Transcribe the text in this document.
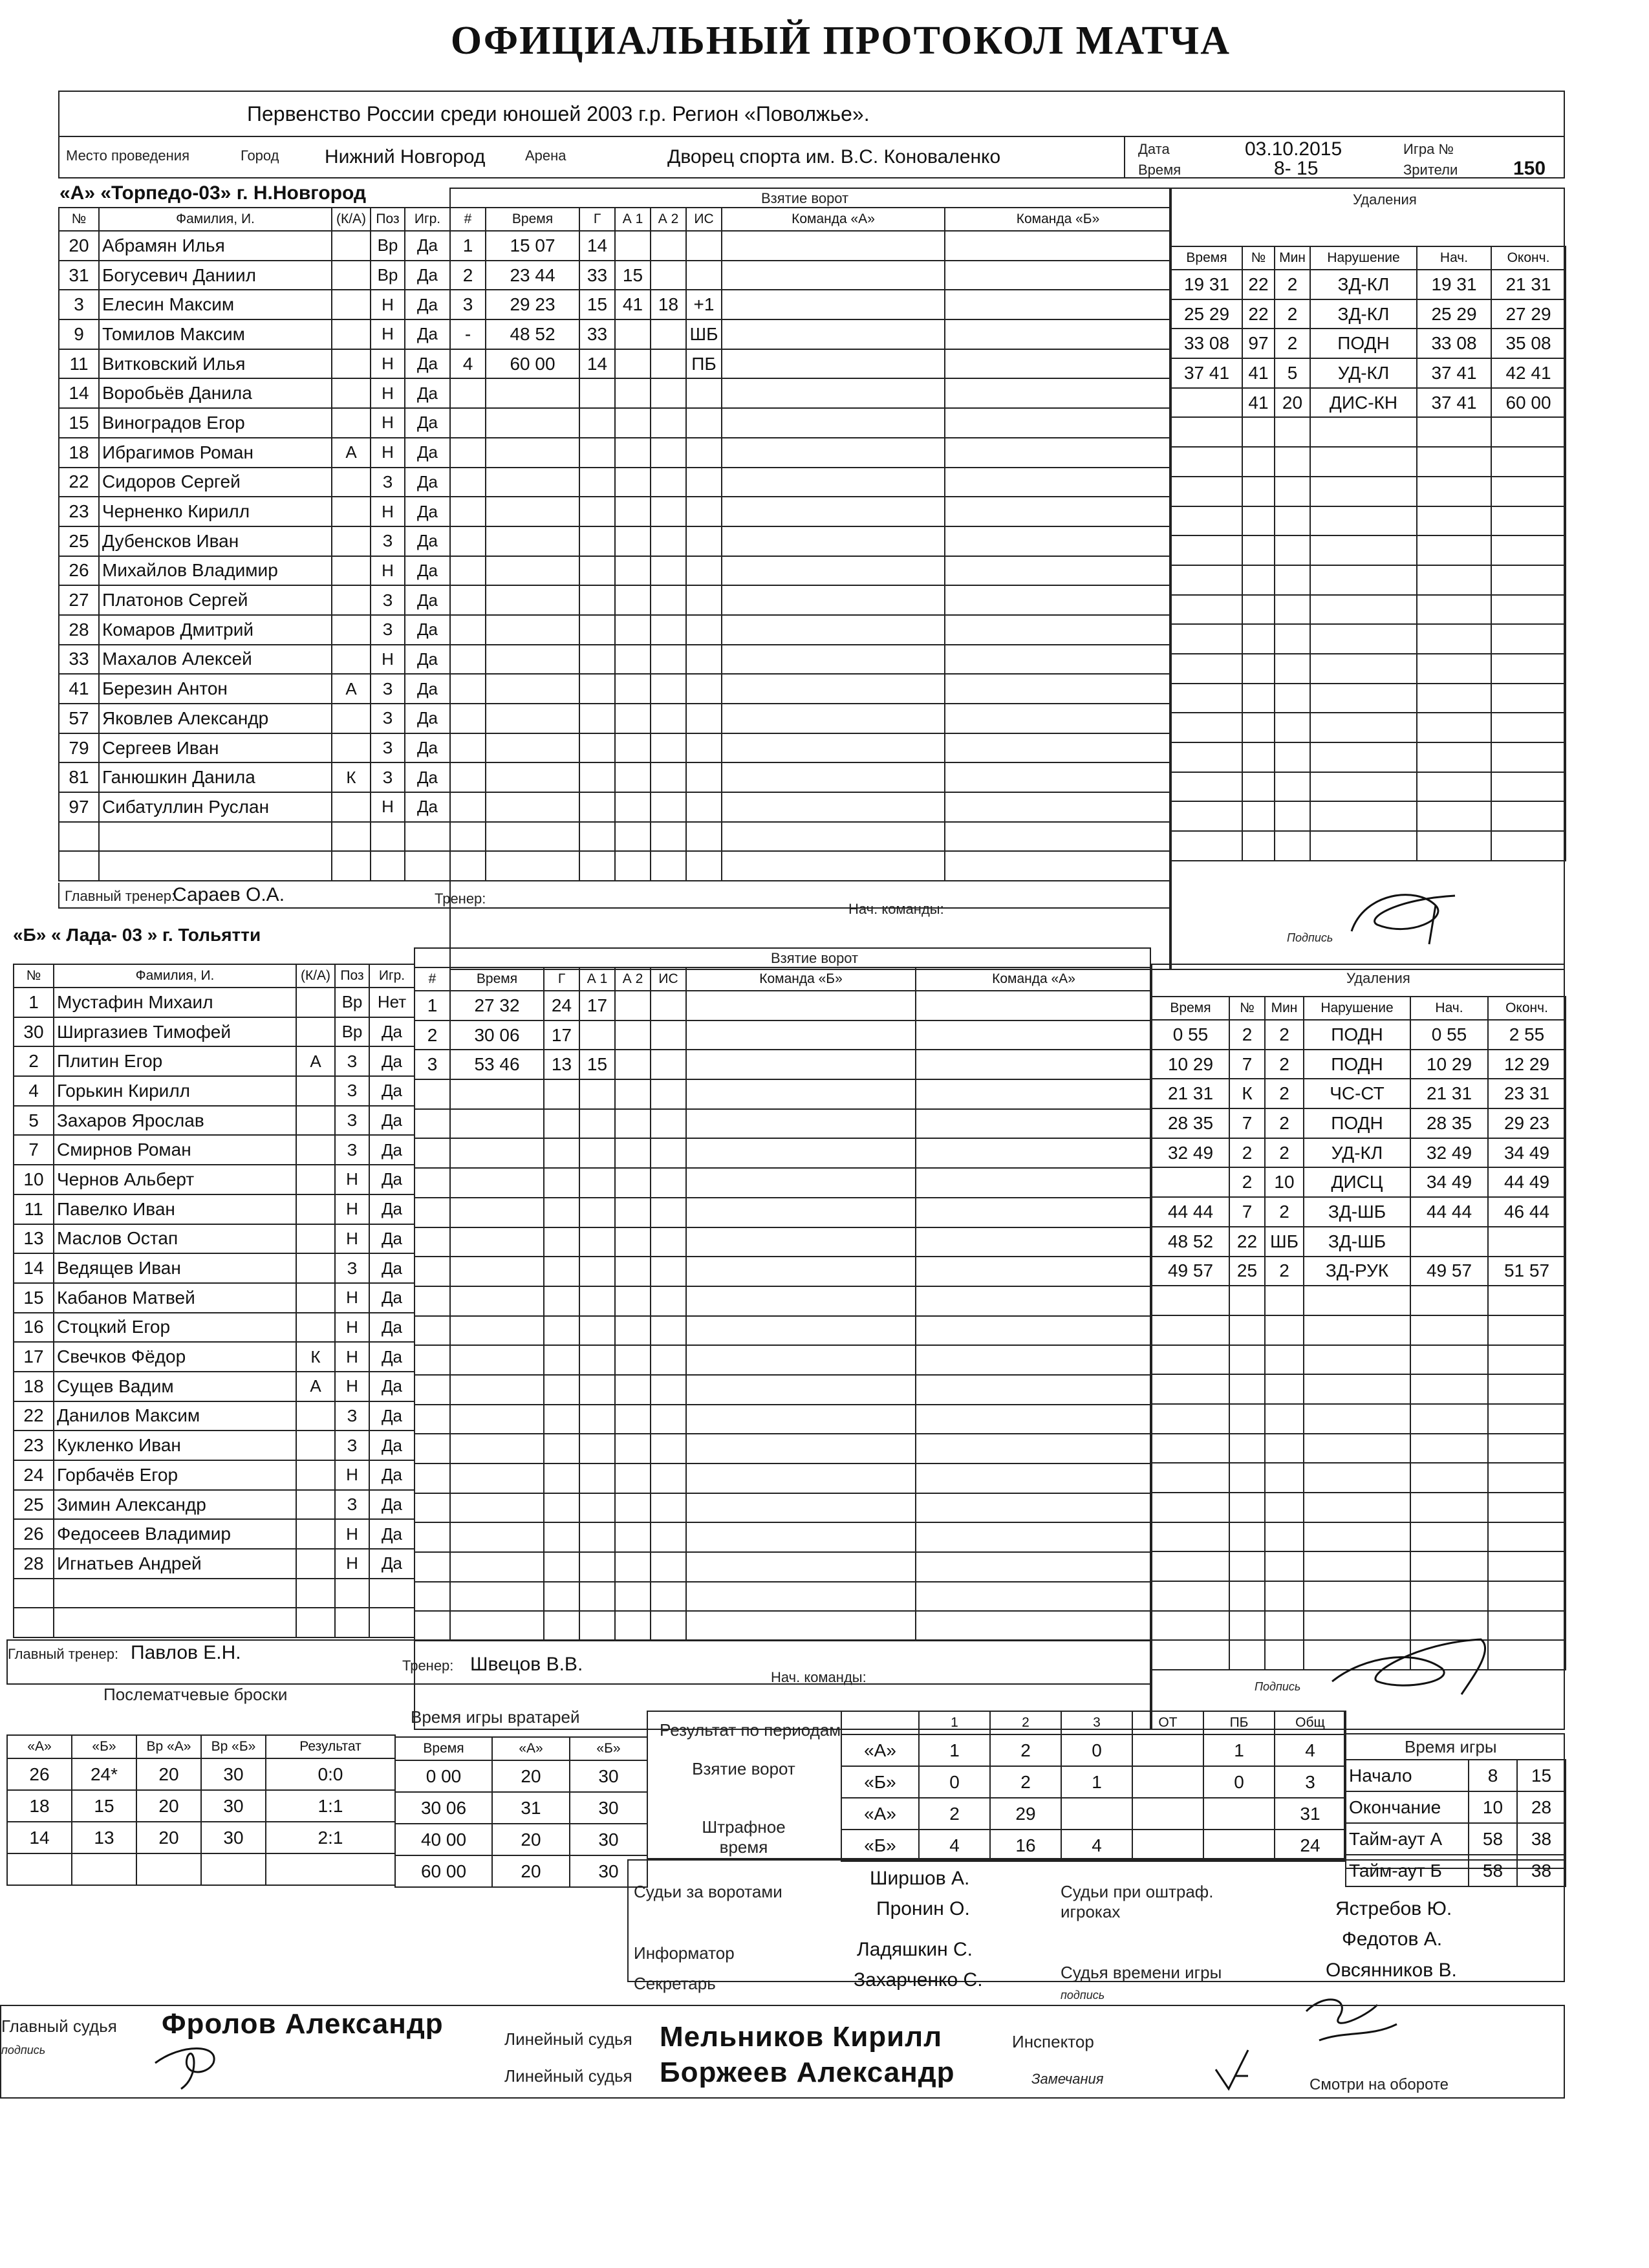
ОФИЦИАЛЬНЫЙ ПРОТОКОЛ МАТЧА
Первенство России среди юношей 2003 г.р. Регион «Поволжье».
Место проведения	Город Нижний Новгород	Арена	Дворец спорта им. В.С. Коноваленко	Дата	03.10.2015	Игра №
Время	8- 15	Зрители	150
«А» «Торпедо-03» г. Н.Новгород
№	Фамилия, И.	(К/А)	Поз	Игр.
20	Абрамян Илья		Вр	Да
31	Богусевич Даниил		Вр	Да
3	Елесин Максим		Н	Да
9	Томилов Максим		Н	Да
11	Витковский Илья		Н	Да
14	Воробьёв Данила		Н	Да
15	Виноградов Егор		Н	Да
18	Ибрагимов Роман	А	Н	Да
22	Сидоров Сергей		З	Да
23	Черненко Кирилл		Н	Да
25	Дубенсков Иван		З	Да
26	Михайлов Владимир		Н	Да
27	Платонов Сергей		З	Да
28	Комаров Дмитрий		З	Да
33	Махалов Алексей		Н	Да
41	Березин Антон	А	З	Да
57	Яковлев Александр		З	Да
79	Сергеев Иван		З	Да
81	Ганюшкин Данила	К	З	Да
97	Сибатуллин Руслан		Н	Да

Взятие ворот
#	Время	Г	А 1	А 2	ИС	Команда «А»	Команда «Б»
1	15 07	14					
2	23 44	33	15				
3	29 23	15	41	18	+1		
-	48 52	33			ШБ		
4	60 00	14			ПБ		

Удаления
Время	№	Мин	Нарушение	Нач.	Оконч.
19 31	22	2	ЗД-КЛ	19 31	21 31
25 29	22	2	ЗД-КЛ	25 29	27 29
33 08	97	2	ПОДН	33 08	35 08
37 41	41	5	УД-КЛ	37 41	42 41
	41	20	ДИС-КН	37 41	60 00

Главный тренер:
Сараев О.А.	Тренер:
Нач. команды:
Подпись
«Б» « Лада- 03 » г. Тольятти
№	Фамилия, И.	(К/А)	Поз	Игр.
1	Мустафин Михаил		Вр	Нет
30	Ширгазиев Тимофей		Вр	Да
2	Плитин Егор	А	З	Да
4	Горькин Кирилл		З	Да
5	Захаров Ярослав		З	Да
7	Смирнов Роман		З	Да
10	Чернов Альберт		Н	Да
11	Павелко Иван		Н	Да
13	Маслов Остап		Н	Да
14	Ведящев Иван		З	Да
15	Кабанов Матвей		Н	Да
16	Стоцкий Егор		Н	Да
17	Свечков Фёдор	К	Н	Да
18	Сущев Вадим	А	Н	Да
22	Данилов Максим		З	Да
23	Кукленко Иван		З	Да
24	Горбачёв Егор		Н	Да
25	Зимин Александр		З	Да
26	Федосеев Владимир		Н	Да
28	Игнатьев Андрей		Н	Да

Взятие ворот
#	Время	Г	А 1	А 2	ИС	Команда «Б»	Команда «А»
1	27 32	24	17				
2	30 06	17					
3	53 46	13	15				

Удаления
Время	№	Мин	Нарушение	Нач.	Оконч.
0 55	2	2	ПОДН	0 55	2 55
10 29	7	2	ПОДН	10 29	12 29
21 31	К	2	ЧС-СТ	21 31	23 31
28 35	7	2	ПОДН	28 35	29 23
32 49	2	2	УД-КЛ	32 49	34 49
	2	10	ДИСЦ	34 49	44 49
44 44	7	2	ЗД-ШБ	44 44	46 44
48 52	22	ШБ	ЗД-ШБ		
49 57	25	2	ЗД-РУК	49 57	51 57

Главный тренер: Павлов Е.Н.
Тренер: Швецов В.В.
Нач. команды:
Подпись
Послематчевые броски
«А»	«Б»	Вр «А»	Вр «Б»	Результат
26	24*	20	30	0:0
18	15	20	30	1:1
14	13	20	30	2:1

Время игры вратарей
Время	«А»	«Б»
0 00	20	30
30 06	31	30
40 00	20	30
60 00	20	30
Результат по периодам
		1	2	3	ОТ	ПБ	Общ
«А»	1	2	0		1	4
«Б»	0	2	1		0	3
«А»	2	29				31
«Б»	4	16	4			24
Взятие ворот
Штрафное время
Время игры
Начало	8	15
Окончание	10	28
Тайм-аут А	58	38
Тайм-аут Б	58	38
Судьи за воротами
Ширшов А.
Пронин О.
Информатор	Ладяшкин С.
Секретарь	Захарченко С.
Судьи при оштраф. игроках	Ястребов Ю.
Федотов А.
Судья времени игры	Овсянников В.
подпись
Главный судья Фролов Александр
подпись
Линейный судья Мельников Кирилл
Линейный судья Боржеев Александр
Инспектор
Замечания	Смотри на обороте
